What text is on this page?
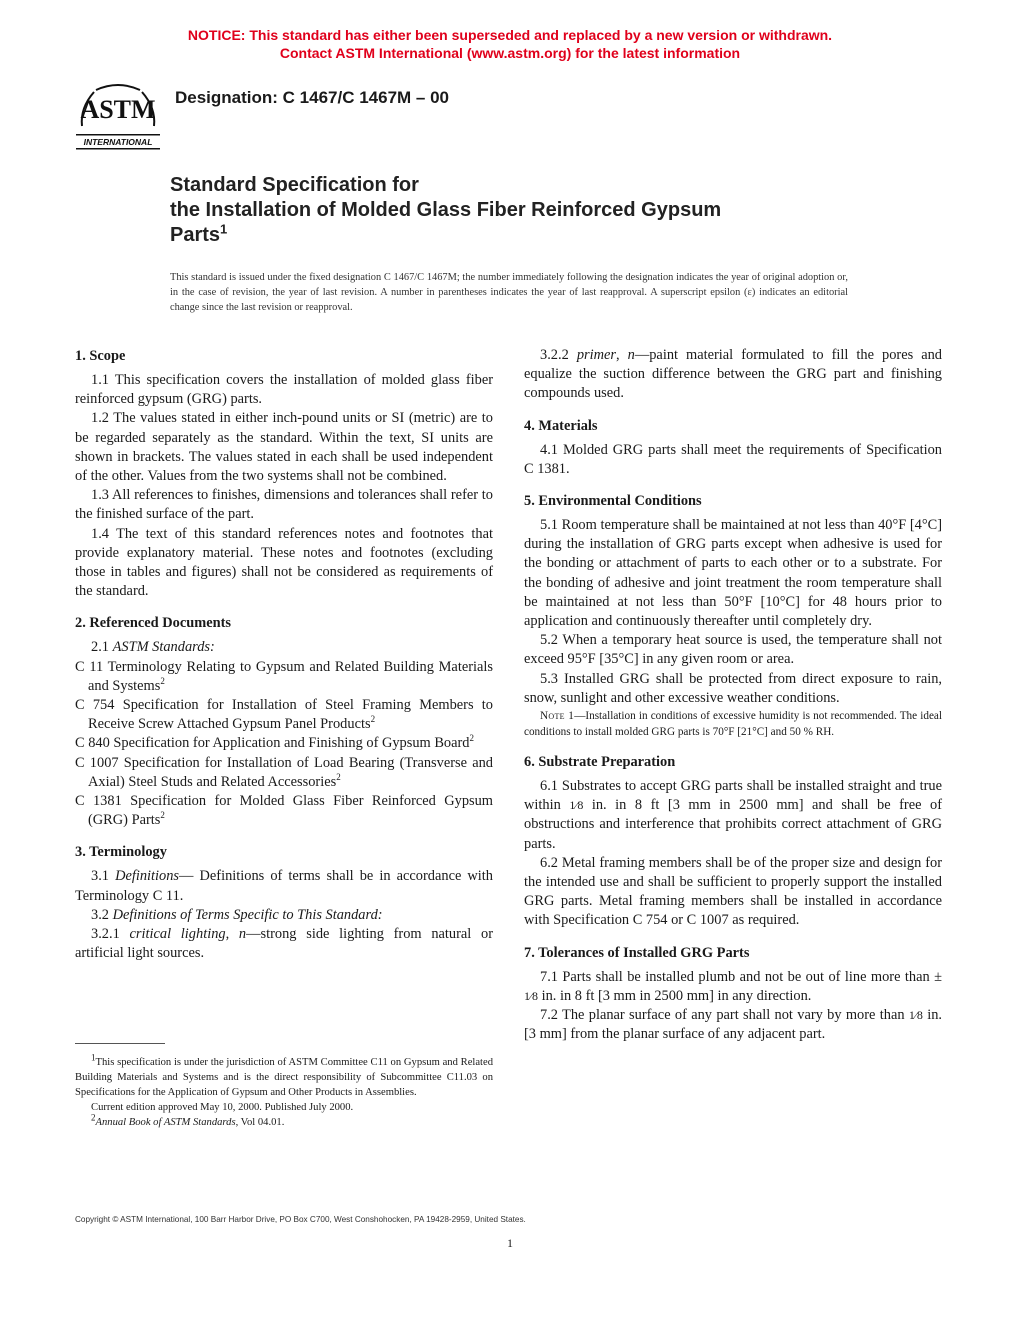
NOTICE: This standard has either been superseded and replaced by a new version or withdrawn.
Contact ASTM International (www.astm.org) for the latest information
ASTM
INTERNATIONAL
Designation: C 1467/C 1467M – 00
Standard Specification for
the Installation of Molded Glass Fiber Reinforced Gypsum
Parts$^1$
This standard is issued under the fixed designation C 1467/C 1467M; the number immediately following the designation indicates the year of original adoption or, in the case of revision, the year of last revision. A number in parentheses indicates the year of last reapproval. A superscript epsilon (ε) indicates an editorial change since the last revision or reapproval.
1. Scope

1.1 This specification covers the installation of molded glass fiber reinforced gypsum (GRG) parts.

1.2 The values stated in either inch-pound units or SI (metric) are to be regarded separately as the standard. Within the text, SI units are shown in brackets. The values stated in each shall be used independent of the other. Values from the two systems shall not be combined.

1.3 All references to finishes, dimensions and tolerances shall refer to the finished surface of the part.

1.4 The text of this standard references notes and footnotes that provide explanatory material. These notes and footnotes (excluding those in tables and figures) shall not be considered as requirements of the standard.

2. Referenced Documents

2.1 ASTM Standards:

C 11 Terminology Relating to Gypsum and Related Building Materials and Systems$^2$

C 754 Specification for Installation of Steel Framing Members to Receive Screw Attached Gypsum Panel Products$^2$

C 840 Specification for Application and Finishing of Gypsum Board$^2$

C 1007 Specification for Installation of Load Bearing (Transverse and Axial) Steel Studs and Related Accessories$^2$

C 1381 Specification for Molded Glass Fiber Reinforced Gypsum (GRG) Parts$^2$

3. Terminology

3.1 Definitions— Definitions of terms shall be in accordance with Terminology C 11.

3.2 Definitions of Terms Specific to This Standard:

3.2.1 critical lighting, n—strong side lighting from natural or artificial light sources.

$^1$This specification is under the jurisdiction of ASTM Committee C11 on Gypsum and Related Building Materials and Systems and is the direct responsibility of Subcommittee C11.03 on Specifications for the Application of Gypsum and Other Products in Assemblies.

Current edition approved May 10, 2000. Published July 2000.

$^2$Annual Book of ASTM Standards, Vol 04.01.

3.2.2 primer, n—paint material formulated to fill the pores and equalize the suction difference between the GRG part and finishing compounds used.

4. Materials

4.1 Molded GRG parts shall meet the requirements of Specification C 1381.

5. Environmental Conditions

5.1 Room temperature shall be maintained at not less than 40°F [4°C] during the installation of GRG parts except when adhesive is used for the bonding or attachment of parts to each other or to a substrate. For the bonding of adhesive and joint treatment the room temperature shall be maintained at not less than 50°F [10°C] for 48 hours prior to application and continuously thereafter until completely dry.

5.2 When a temporary heat source is used, the temperature shall not exceed 95°F [35°C] in any given room or area.

5.3 Installed GRG shall be protected from direct exposure to rain, snow, sunlight and other excessive weather conditions.

Note 1—Installation in conditions of excessive humidity is not recommended. The ideal conditions to install molded GRG parts is 70°F [21°C] and 50 % RH.

6. Substrate Preparation

6.1 Substrates to accept GRG parts shall be installed straight and true within 1⁄8 in. in 8 ft [3 mm in 2500 mm] and shall be free of obstructions and interference that prohibits correct attachment of GRG parts.

6.2 Metal framing members shall be of the proper size and design for the intended use and shall be sufficient to properly support the installed GRG parts. Metal framing members shall be installed in accordance with Specification C 754 or C 1007 as required.

7. Tolerances of Installed GRG Parts

7.1 Parts shall be installed plumb and not be out of line more than ± 1⁄8 in. in 8 ft [3 mm in 2500 mm] in any direction.

7.2 The planar surface of any part shall not vary by more than 1⁄8 in. [3 mm] from the planar surface of any adjacent part.

Copyright © ASTM International, 100 Barr Harbor Drive, PO Box C700, West Conshohocken, PA 19428-2959, United States.
1
